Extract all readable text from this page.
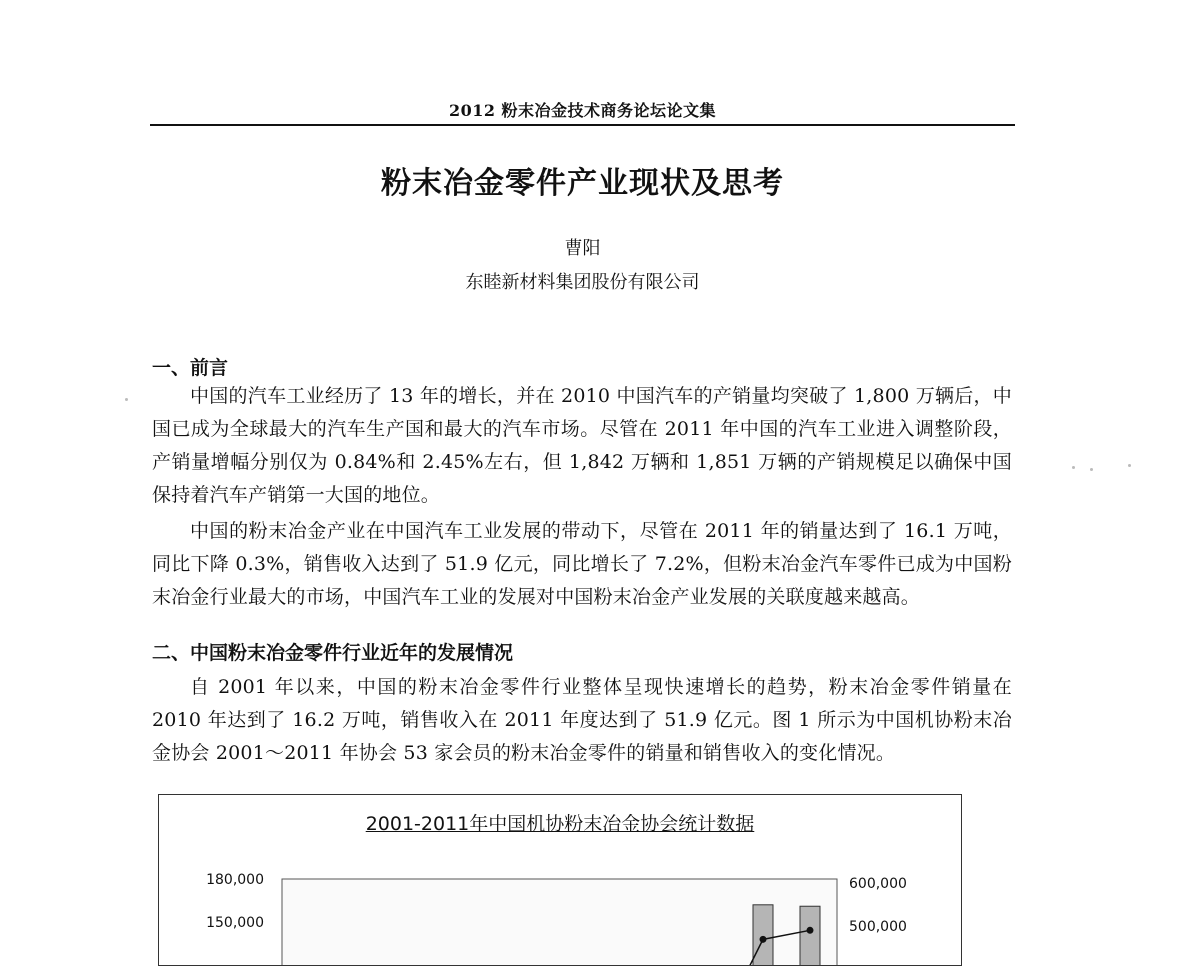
2012 粉末冶金技术商务论坛论文集
粉末冶金零件产业现状及思考
曹阳
东睦新材料集团股份有限公司
一、前言

中国的汽车工业经历了 13 年的增长，并在 2010 中国汽车的产销量均突破了 1,800 万辆后，中国已成为全球最大的汽车生产国和最大的汽车市场。尽管在 2011 年中国的汽车工业进入调整阶段，产销量增幅分别仅为 0.84%和 2.45%左右，但 1,842 万辆和 1,851 万辆的产销规模足以确保中国保持着汽车产销第一大国的地位。

中国的粉末冶金产业在中国汽车工业发展的带动下，尽管在 2011 年的销量达到了 16.1 万吨，同比下降 0.3%，销售收入达到了 51.9 亿元，同比增长了 7.2%，但粉末冶金汽车零件已成为中国粉末冶金行业最大的市场，中国汽车工业的发展对中国粉末冶金产业发展的关联度越来越高。

二、中国粉末冶金零件行业近年的发展情况

自 2001 年以来，中国的粉末冶金零件行业整体呈现快速增长的趋势，粉末冶金零件销量在 2010 年达到了 16.2 万吨，销售收入在 2011 年度达到了 51.9 亿元。图 1 所示为中国机协粉末冶金协会 2001～2011 年协会 53 家会员的粉末冶金零件的销量和销售收入的变化情况。

2001-2011年中国机协粉末冶金协会统计数据
180,000
150,000
600,000
500,000
